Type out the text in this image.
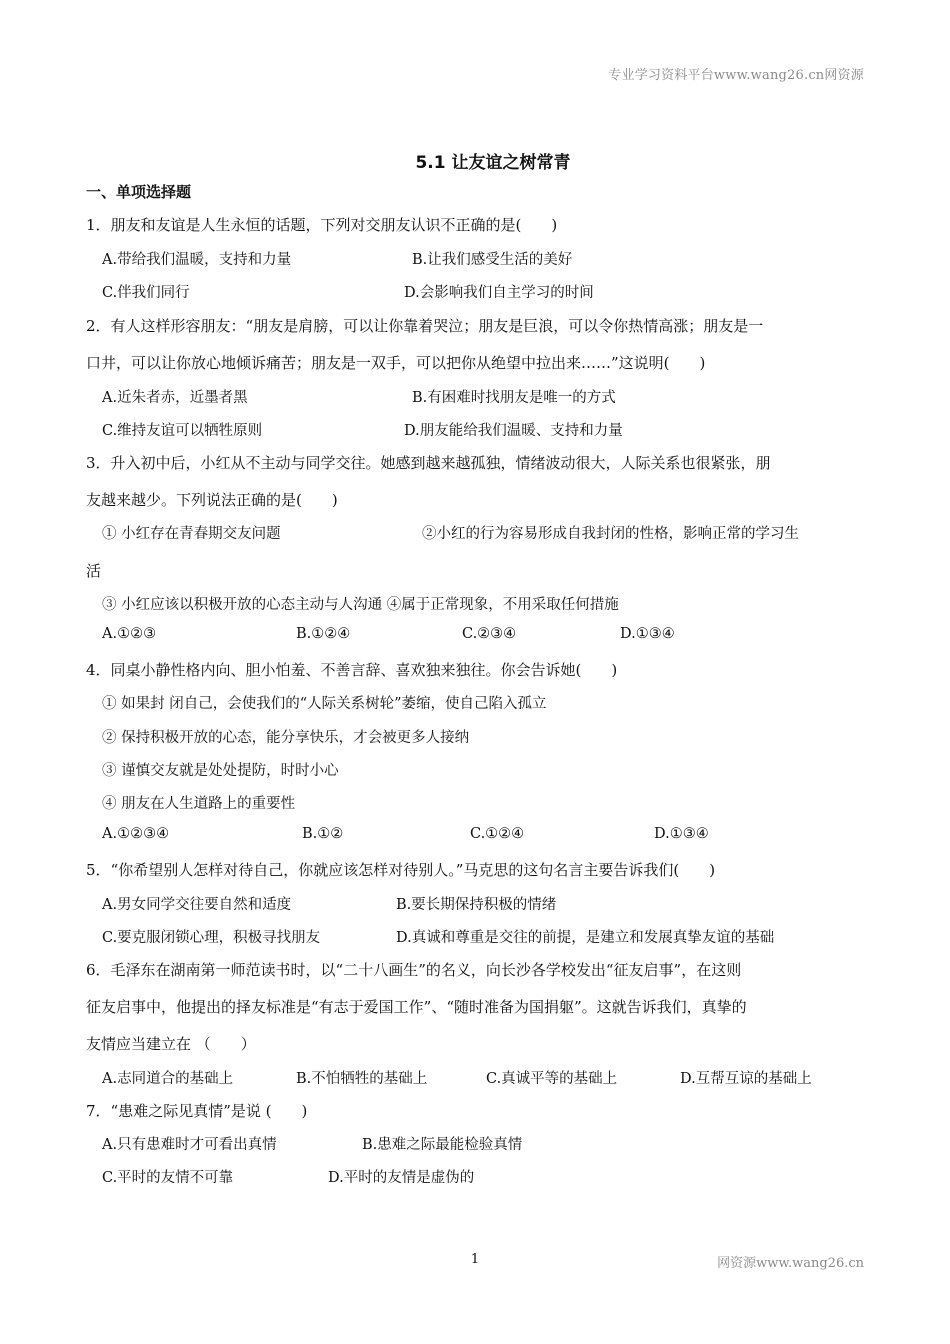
专业学习资料平台www.wang26.cn网资源
5.1 让友谊之树常青
一、单项选择题
1．朋友和友谊是人生永恒的话题，下列对交朋友认识不正确的是(　　)
A.带给我们温暖，支持和力量	B.让我们感受生活的美好
C.伴我们同行	D.会影响我们自主学习的时间
2．有人这样形容朋友：“朋友是肩膀，可以让你靠着哭泣；朋友是巨浪，可以令你热情高涨；朋友是一
口井，可以让你放心地倾诉痛苦；朋友是一双手，可以把你从绝望中拉出来……”这说明(　　)
A.近朱者赤，近墨者黑	B.有困难时找朋友是唯一的方式
C.维持友谊可以牺牲原则	D.朋友能给我们温暖、支持和力量
3．升入初中后，小红从不主动与同学交往。她感到越来越孤独，情绪波动很大，人际关系也很紧张，朋
友越来越少。下列说法正确的是(　　)
① 小红存在青春期交友问题	②小红的行为容易形成自我封闭的性格，影响正常的学习生
活
③ 小红应该以积极开放的心态主动与人沟通 ④属于正常现象，不用采取任何措施
A.①②③	B.①②④	C.②③④	D.①③④
4．同桌小静性格内向、胆小怕羞、不善言辞、喜欢独来独往。你会告诉她(　　)
① 如果封 闭自己，会使我们的“人际关系树轮”萎缩，使自己陷入孤立
② 保持积极开放的心态，能分享快乐，才会被更多人接纳
③ 谨慎交友就是处处提防，时时小心
④ 朋友在人生道路上的重要性
A.①②③④	B.①②	C.①②④	D.①③④
5．“你希望别人怎样对待自己，你就应该怎样对待别人。”马克思的这句名言主要告诉我们(　　)
A.男女同学交往要自然和适度	B.要长期保持积极的情绪
C.要克服闭锁心理，积极寻找朋友	D.真诚和尊重是交往的前提，是建立和发展真挚友谊的基础
6．毛泽东在湖南第一师范读书时，以“二十八画生”的名义，向长沙各学校发出“征友启事”，在这则
征友启事中，他提出的择友标准是“有志于爱国工作”、“随时准备为国捐躯”。这就告诉我们，真挚的
友情应当建立在 （　　）
A.志同道合的基础上	B.不怕牺牲的基础上	C.真诚平等的基础上	D.互帮互谅的基础上
7．“患难之际见真情”是说 (　　)
A.只有患难时才可看出真情	B.患难之际最能检验真情
C.平时的友情不可靠	D.平时的友情是虚伪的
1	网资源www.wang26.cn
